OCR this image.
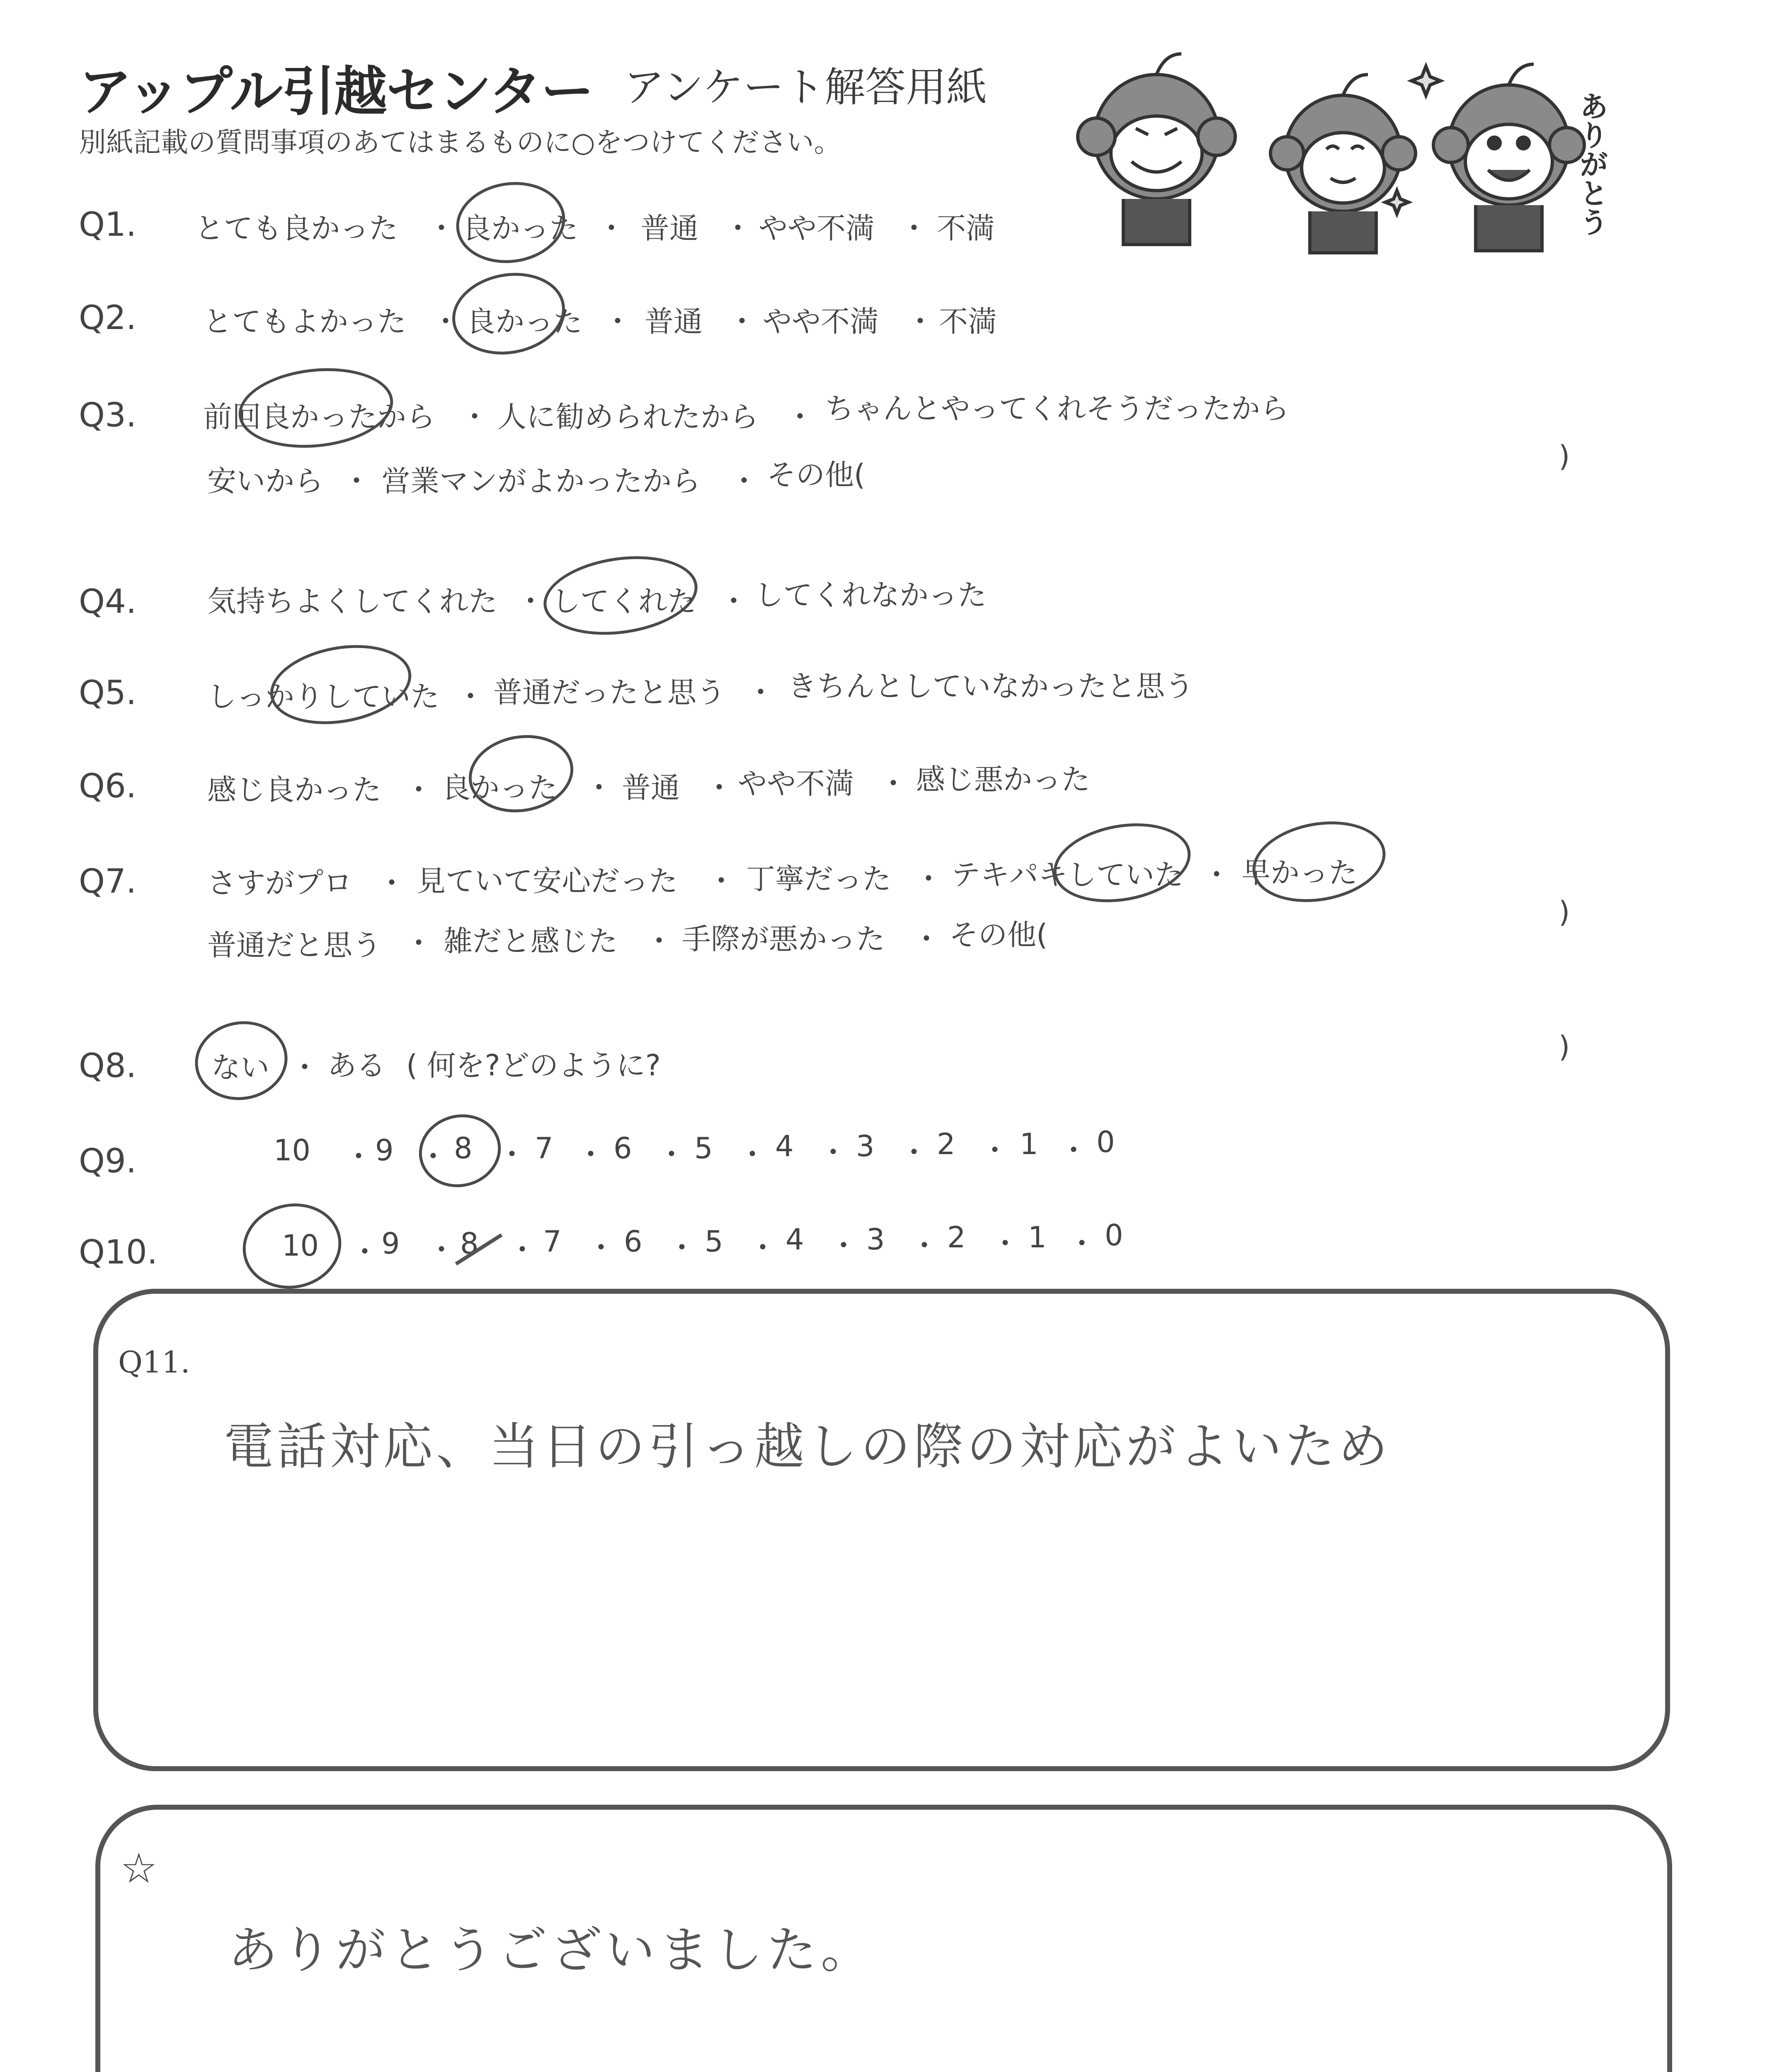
アップル引越センター アンケート解答用紙
別紙記載の質問事項のあてはまるものに○をつけてください。	ありがとう
Q1. とても良かった ・ 良かった ・ 普通 ・ やや不満 ・ 不満
Q2. とてもよかった ・ 良かった ・ 普通 ・ やや不満 ・ 不満
Q3. 前回良かったから ・ 人に勧められたから ・ ちゃんとやってくれそうだったから
安いから ・ 営業マンがよかったから ・ その他(
)
Q4. 気持ちよくしてくれた ・ してくれた ・ してくれなかった
Q5. しっかりしていた ・ 普通だったと思う ・ きちんとしていなかったと思う
Q6. 感じ良かった ・ 良かった ・ 普通 ・ やや不満 ・ 感じ悪かった
Q7. さすがプロ ・ 見ていて安心だった ・ 丁寧だった ・ テキパキしていた ・ 早かった
普通だと思う ・ 雑だと感じた ・ 手際が悪かった ・ その他(
)
Q8.	ない ・ ある ( 何を?どのように?
)
Q9.	10 ・ 9 ・ 8 ・ 7 ・ 6 ・ 5 ・ 4 ・ 3 ・ 2 ・ 1 ・ 0
Q10.	10 ・ 9 ・ 8 ・ 7 ・ 6 ・ 5 ・ 4 ・ 3 ・ 2 ・ 1 ・ 0
Q11.
電話対応、当日の引っ越しの際の対応がよいため
☆
ありがとうございました。
